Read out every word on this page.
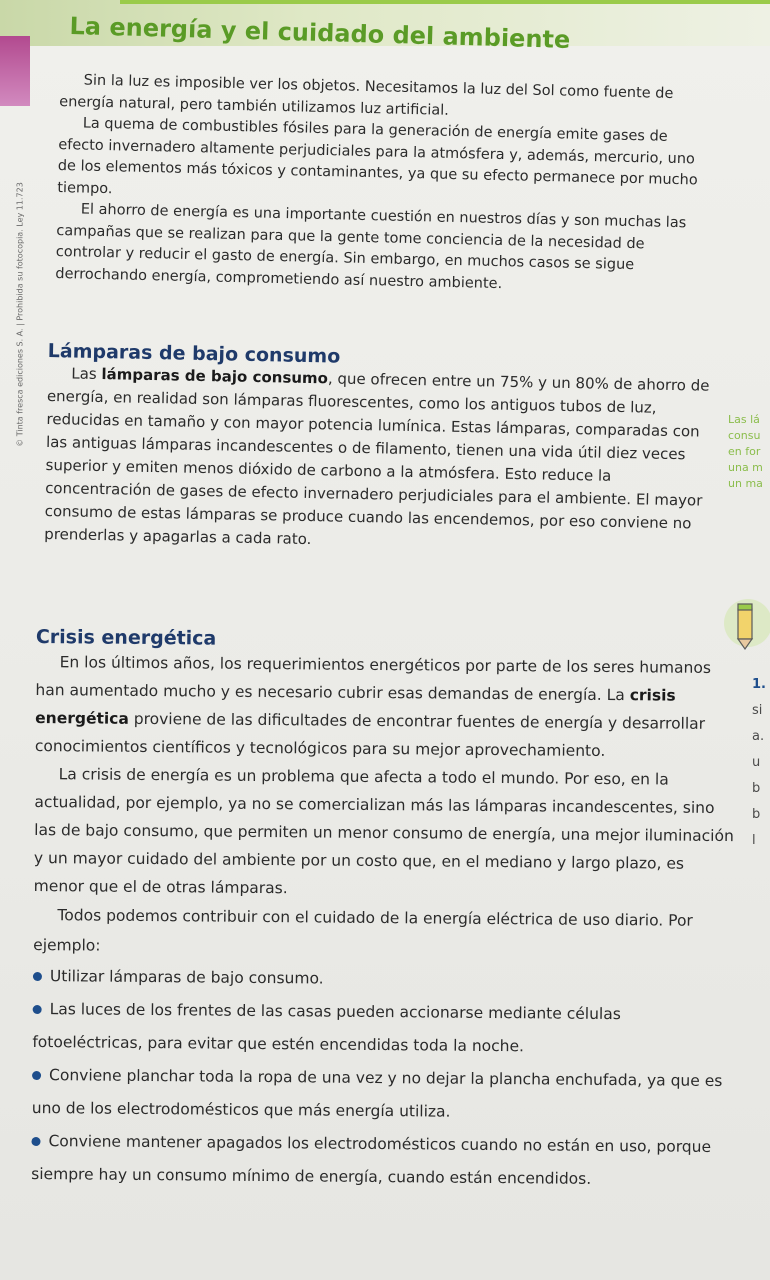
La energía y el cuidado del ambiente
© Tinta fresca ediciones S. A. | Prohibida su fotocopia. Ley 11.723

Sin la luz es imposible ver los objetos. Necesitamos la luz del Sol como fuente de energía natural, pero también utilizamos luz artificial.

La quema de combustibles fósiles para la generación de energía emite gases de efecto invernadero altamente perjudiciales para la atmósfera y, además, mercurio, uno de los elementos más tóxicos y contaminantes, ya que su efecto permanece por mucho tiempo.

El ahorro de energía es una importante cuestión en nuestros días y son muchas las campañas que se realizan para que la gente tome conciencia de la necesidad de controlar y reducir el gasto de energía. Sin embargo, en muchos casos se sigue derrochando energía, comprometiendo así nuestro ambiente.

Lámparas de bajo consumo

Las lámparas de bajo consumo, que ofrecen entre un 75% y un 80% de ahorro de energía, en realidad son lámparas fluorescentes, como los antiguos tubos de luz, reducidas en tamaño y con mayor potencia lumínica. Estas lámparas, comparadas con las antiguas lámparas incandescentes o de filamento, tienen una vida útil diez veces superior y emiten menos dióxido de carbono a la atmósfera. Esto reduce la concentración de gases de efecto invernadero perjudiciales para el ambiente. El mayor consumo de estas lámparas se produce cuando las encendemos, por eso conviene no prenderlas y apagarlas a cada rato.

Las lá
consu
en for
una m
un ma
Crisis energética

En los últimos años, los requerimientos energéticos por parte de los seres humanos han aumentado mucho y es necesario cubrir esas demandas de energía. La crisis energética proviene de las dificultades de encontrar fuentes de energía y desarrollar conocimientos científicos y tecnológicos para su mejor aprovechamiento.

La crisis de energía es un problema que afecta a todo el mundo. Por eso, en la actualidad, por ejemplo, ya no se comercializan más las lámparas incandescentes, sino las de bajo consumo, que permiten un menor consumo de energía, una mejor iluminación y un mayor cuidado del ambiente por un costo que, en el mediano y largo plazo, es menor que el de otras lámparas.

Todos podemos contribuir con el cuidado de la energía eléctrica de uso diario. Por ejemplo:

Utilizar lámparas de bajo consumo.
Las luces de los frentes de las casas pueden accionarse mediante células fotoeléctricas, para evitar que estén encendidas toda la noche.
Conviene planchar toda la ropa de una vez y no dejar la plancha enchufada, ya que es uno de los electrodomésticos que más energía utiliza.
Conviene mantener apagados los electrodomésticos cuando no están en uso, porque siempre hay un consumo mínimo de energía, cuando están encendidos.
1.
si
a.
u
b
b
l
